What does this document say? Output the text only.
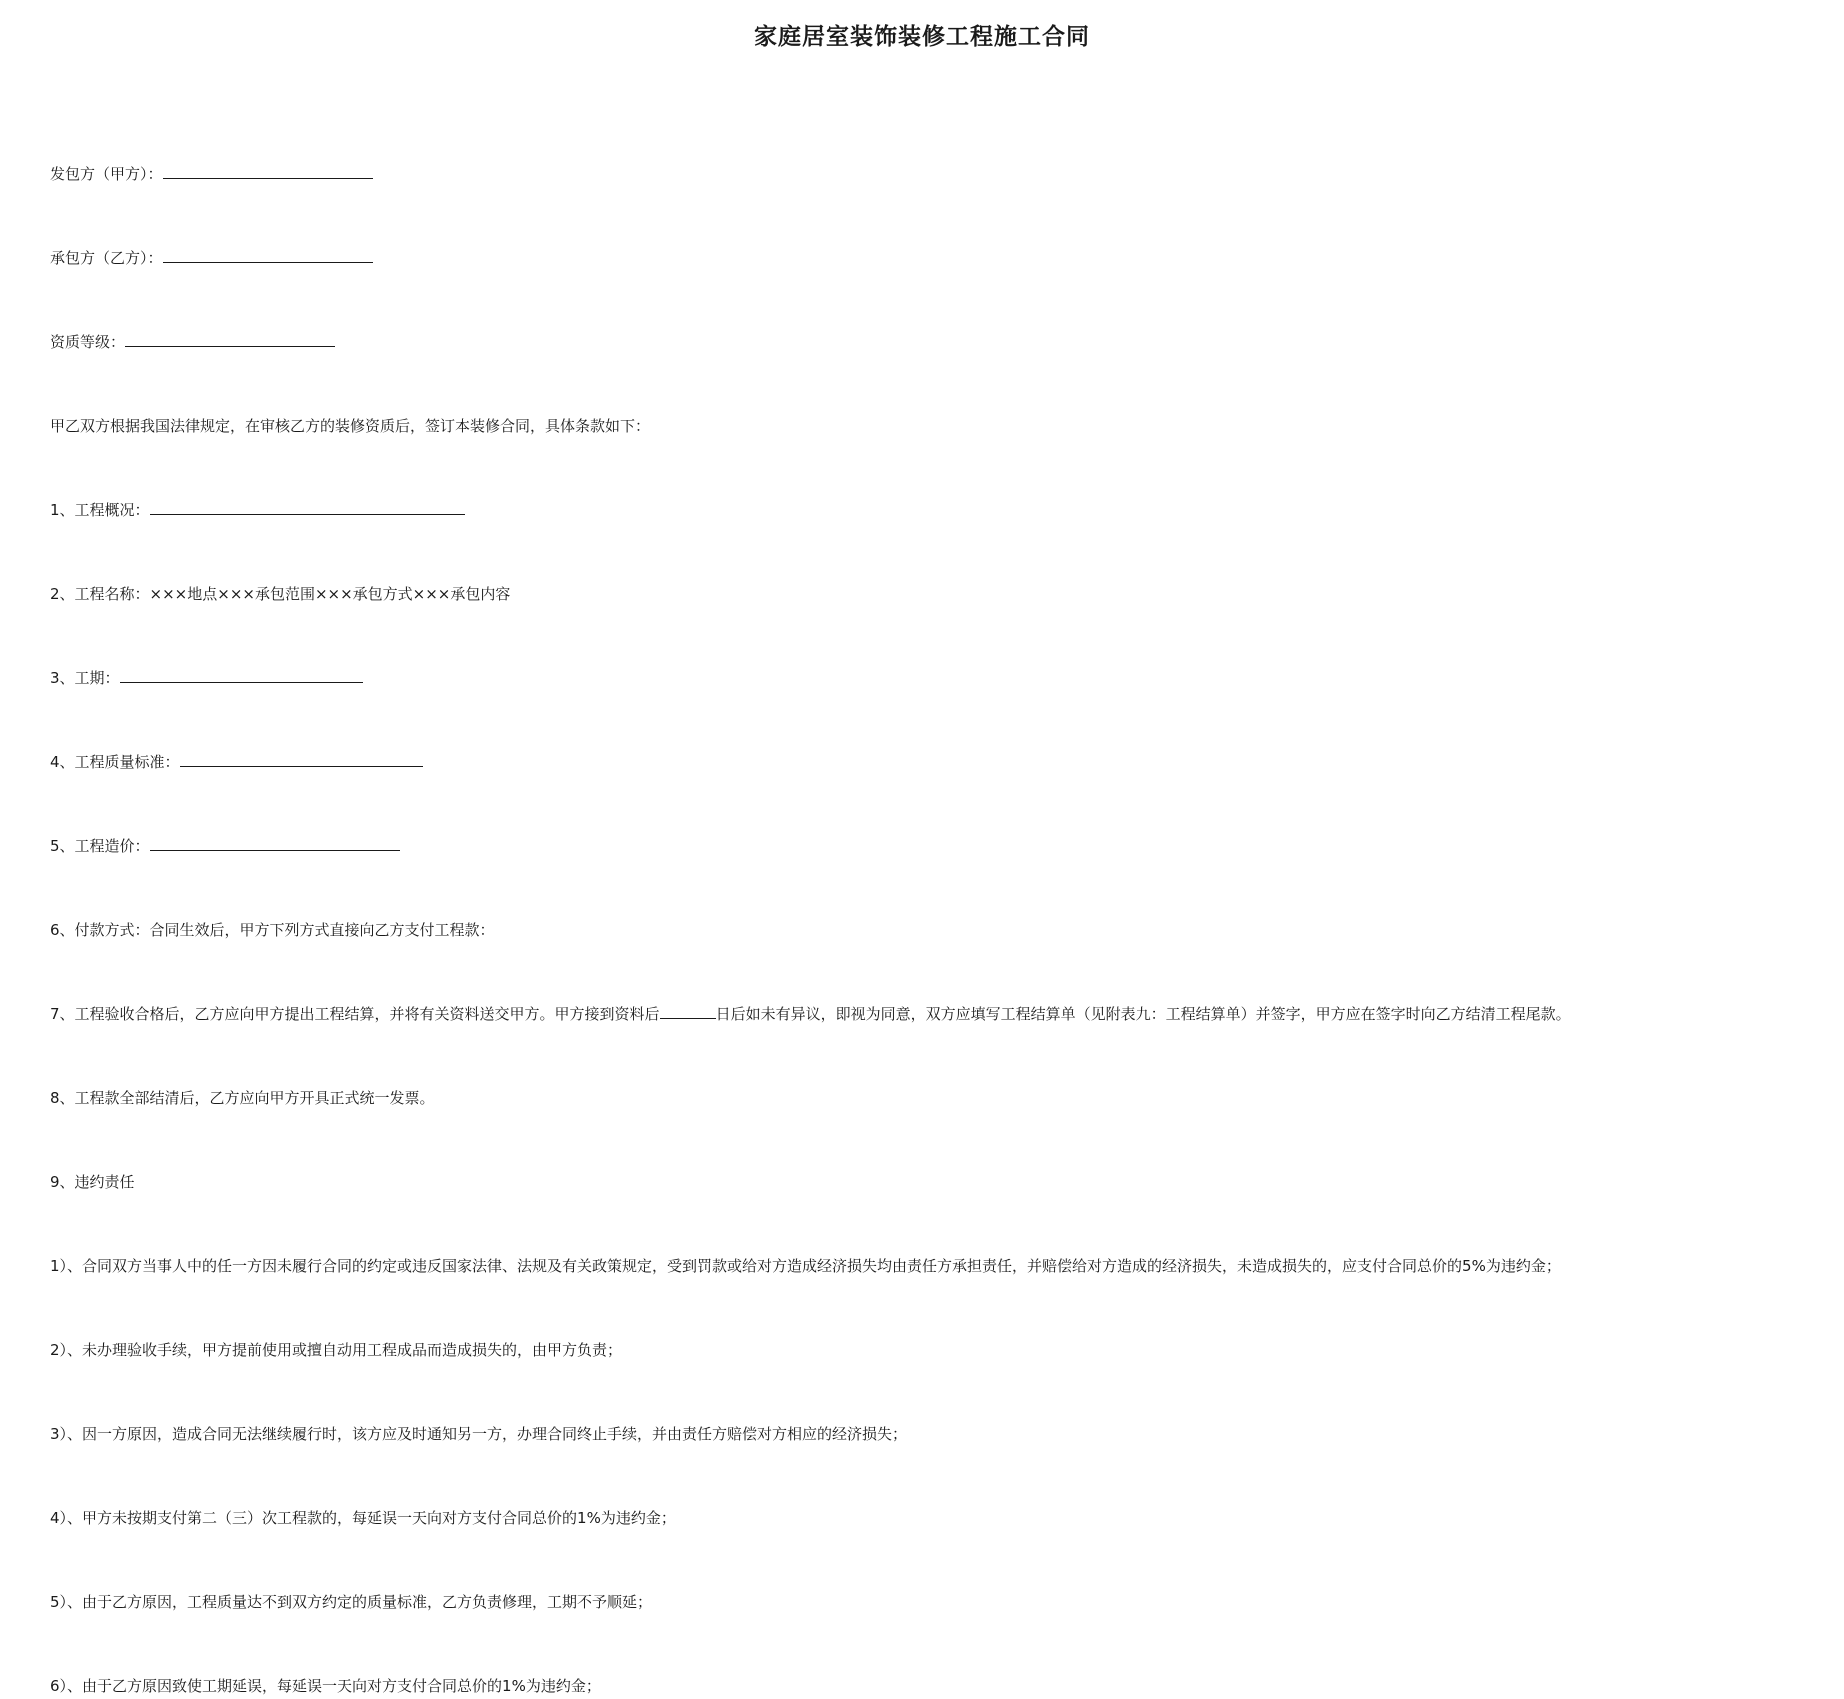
家庭居室装饰装修工程施工合同
发包方（甲方）：
承包方（乙方）：
资质等级：
甲乙双方根据我国法律规定，在审核乙方的装修资质后，签订本装修合同，具体条款如下：
1、工程概况：
2、工程名称：×××地点×××承包范围×××承包方式×××承包内容
3、工期：
4、工程质量标准：
5、工程造价：
6、付款方式：合同生效后，甲方下列方式直接向乙方支付工程款：
7、工程验收合格后，乙方应向甲方提出工程结算，并将有关资料送交甲方。甲方接到资料后	日后如未有异议，即视为同意，双方应填写工程结算单（见附表九：工程结算单）并签字，甲方应在签字时向乙方结清工程尾款。
8、工程款全部结清后，乙方应向甲方开具正式统一发票。
9、违约责任
1）、合同双方当事人中的任一方因未履行合同的约定或违反国家法律、法规及有关政策规定，受到罚款或给对方造成经济损失均由责任方承担责任，并赔偿给对方造成的经济损失，未造成损失的，应支付合同总价的5%为违约金；
2）、未办理验收手续，甲方提前使用或擅自动用工程成品而造成损失的，由甲方负责；
3）、因一方原因，造成合同无法继续履行时，该方应及时通知另一方，办理合同终止手续，并由责任方赔偿对方相应的经济损失；
4）、甲方未按期支付第二（三）次工程款的，每延误一天向对方支付合同总价的1%为违约金；
5）、由于乙方原因，工程质量达不到双方约定的质量标准，乙方负责修理，工期不予顺延；
6）、由于乙方原因致使工期延误，每延误一天向对方支付合同总价的1%为违约金；
